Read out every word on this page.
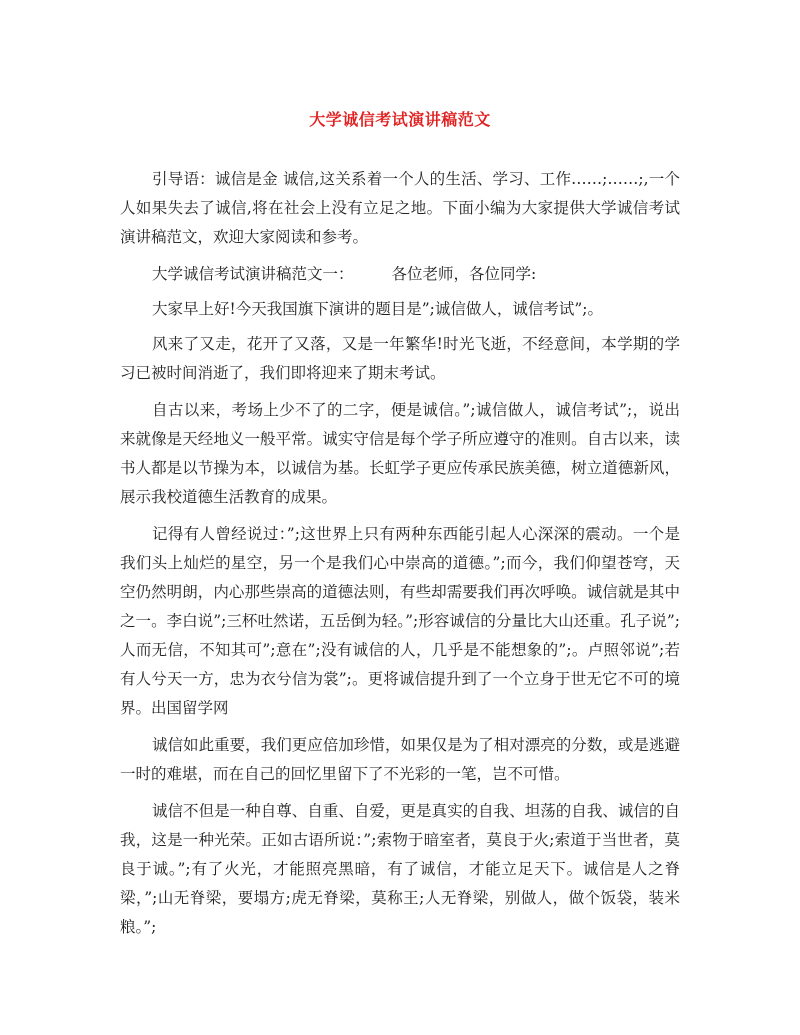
大学诚信考试演讲稿范文

引导语：诚信是金 诚信,这关系着一个人的生活、学习、工作……;……;,一个人如果失去了诚信,将在社会上没有立足之地。下面小编为大家提供大学诚信考试演讲稿范文，欢迎大家阅读和参考。

大学诚信考试演讲稿范文一： 各位老师，各位同学:

大家早上好!今天我国旗下演讲的题目是”;诚信做人，诚信考试”;。

风来了又走，花开了又落，又是一年繁华!时光飞逝，不经意间，本学期的学习已被时间消逝了，我们即将迎来了期末考试。

自古以来，考场上少不了的二字，便是诚信。”;诚信做人，诚信考试”;，说出来就像是天经地义一般平常。诚实守信是每个学子所应遵守的准则。自古以来，读书人都是以节操为本，以诚信为基。长虹学子更应传承民族美德，树立道德新风，展示我校道德生活教育的成果。

记得有人曾经说过：”;这世界上只有两种东西能引起人心深深的震动。一个是我们头上灿烂的星空，另一个是我们心中崇高的道德。”;而今，我们仰望苍穹，天空仍然明朗，内心那些崇高的道德法则，有些却需要我们再次呼唤。诚信就是其中之一。李白说”;三杯吐然诺，五岳倒为轻。”;形容诚信的分量比大山还重。孔子说”;人而无信，不知其可”;意在”;没有诚信的人，几乎是不能想象的”;。卢照邻说”;若有人兮天一方，忠为衣兮信为裳”;。更将诚信提升到了一个立身于世无它不可的境界。出国留学网

诚信如此重要，我们更应倍加珍惜，如果仅是为了相对漂亮的分数，或是逃避一时的难堪，而在自己的回忆里留下了不光彩的一笔，岂不可惜。

诚信不但是一种自尊、自重、自爱，更是真实的自我、坦荡的自我、诚信的自我，这是一种光荣。正如古语所说：”;索物于暗室者，莫良于火;索道于当世者，莫良于诚。”;有了火光，才能照亮黑暗，有了诚信，才能立足天下。诚信是人之脊梁，”;山无脊梁，要塌方;虎无脊梁，莫称王;人无脊梁，别做人，做个饭袋，装米粮。”;
